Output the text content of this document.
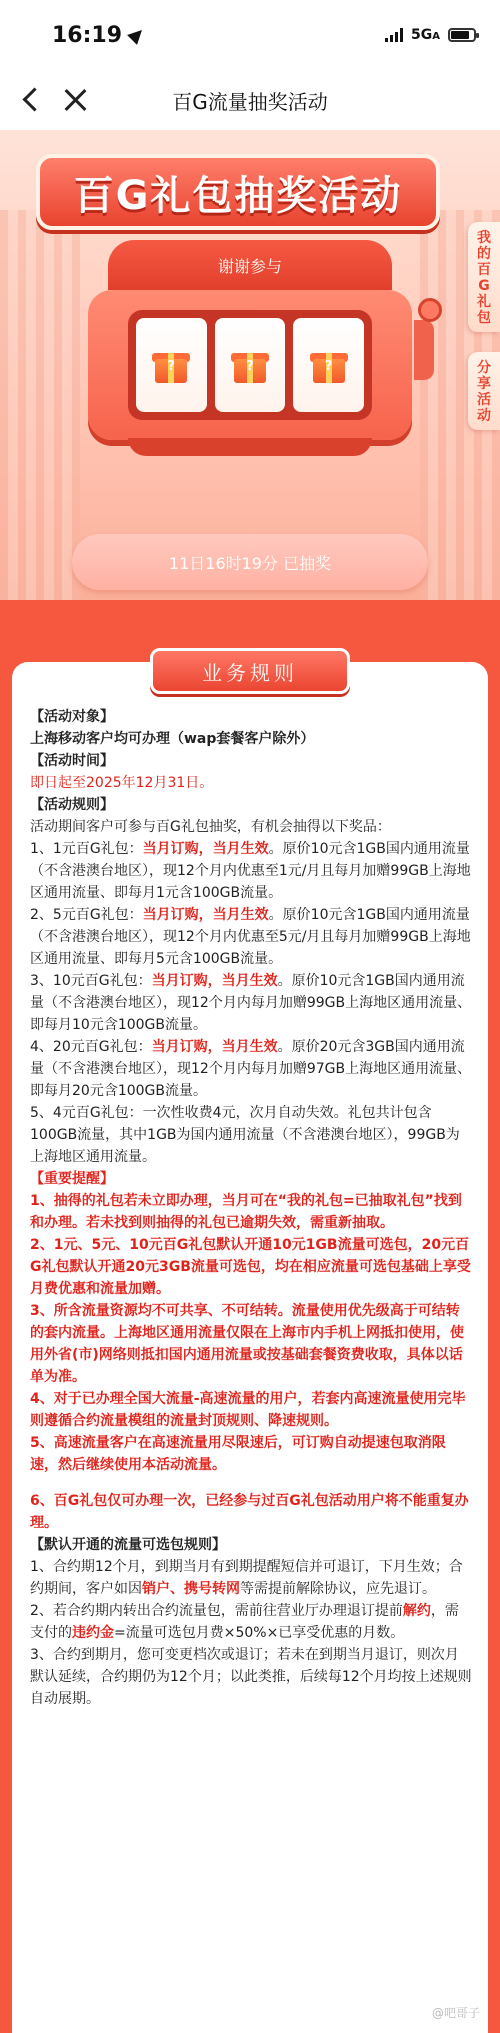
16:19	5GA
百G流量抽奖活动
百G礼包抽奖活动
我的百G礼包
分享活动
谢谢参与
?	?	?
11日16时19分 已抽奖

【活动对象】

上海移动客户均可办理（wap套餐客户除外）

【活动时间】

即日起至2025年12月31日。

【活动规则】

活动期间客户可参与百G礼包抽奖，有机会抽得以下奖品：

1、1元百G礼包：当月订购，当月生效。原价10元含1GB国内通用流量（不含港澳台地区），现12个月内优惠至1元/月且每月加赠99GB上海地区通用流量、即每月1元含100GB流量。

2、5元百G礼包：当月订购，当月生效。原价10元含1GB国内通用流量（不含港澳台地区），现12个月内优惠至5元/月且每月加赠99GB上海地区通用流量、即每月5元含100GB流量。

3、10元百G礼包：当月订购，当月生效。原价10元含1GB国内通用流量（不含港澳台地区），现12个月内每月加赠99GB上海地区通用流量、即每月10元含100GB流量。

4、20元百G礼包：当月订购，当月生效。原价20元含3GB国内通用流量（不含港澳台地区），现12个月内每月加赠97GB上海地区通用流量、即每月20元含100GB流量。

5、4元百G礼包：一次性收费4元，次月自动失效。礼包共计包含100GB流量，其中1GB为国内通用流量（不含港澳台地区），99GB为上海地区通用流量。

【重要提醒】

1、抽得的礼包若未立即办理，当月可在“我的礼包=已抽取礼包”找到和办理。若未找到则抽得的礼包已逾期失效，需重新抽取。

2、1元、5元、10元百G礼包默认开通10元1GB流量可选包，20元百G礼包默认开通20元3GB流量可选包，均在相应流量可选包基础上享受月费优惠和流量加赠。

3、所含流量资源均不可共享、不可结转。流量使用优先级高于可结转的套内流量。上海地区通用流量仅限在上海市内手机上网抵扣使用，使用外省(市)网络则抵扣国内通用流量或按基础套餐资费收取，具体以话单为准。

4、对于已办理全国大流量-高速流量的用户，若套内高速流量使用完毕则遵循合约流量模组的流量封顶规则、降速规则。

5、高速流量客户在高速流量用尽限速后，可订购自动提速包取消限速，然后继续使用本活动流量。

6、百G礼包仅可办理一次，已经参与过百G礼包活动用户将不能重复办理。

【默认开通的流量可选包规则】

1、合约期12个月，到期当月有到期提醒短信并可退订，下月生效；合约期间，客户如因销户、携号转网等需提前解除协议，应先退订。

2、若合约期内转出合约流量包，需前往营业厅办理退订提前解约，需支付的违约金=流量可选包月费×50%×已享受优惠的月数。

3、合约到期月，您可变更档次或退订；若未在到期当月退订，则次月默认延续，合约期仍为12个月；以此类推，后续每12个月均按上述规则自动展期。

业务规则
@吧哥子
